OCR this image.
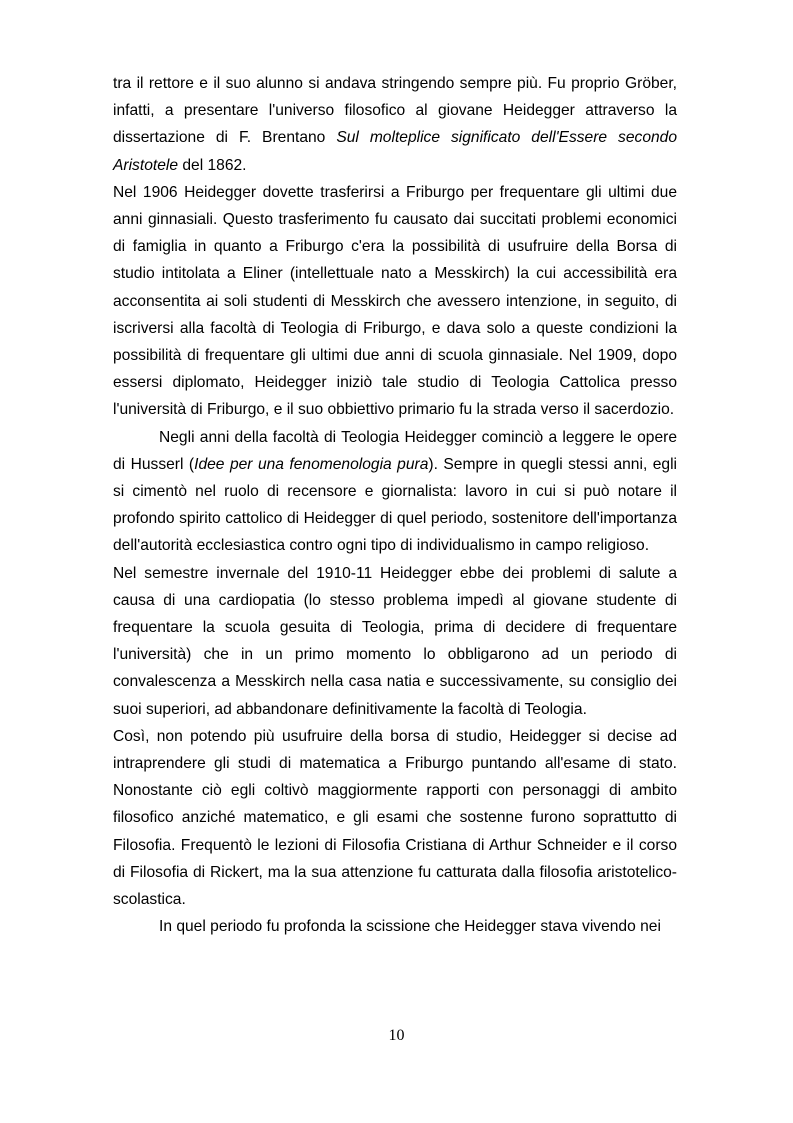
tra il rettore e il suo alunno si andava stringendo sempre più. Fu proprio Gröber, infatti, a presentare l'universo filosofico al giovane Heidegger attraverso la dissertazione di F. Brentano Sul molteplice significato dell'Essere secondo Aristotele del 1862.

Nel 1906 Heidegger dovette trasferirsi a Friburgo per frequentare gli ultimi due anni ginnasiali. Questo trasferimento fu causato dai succitati problemi economici di famiglia in quanto a Friburgo c'era la possibilità di usufruire della Borsa di studio intitolata a Eliner (intellettuale nato a Messkirch) la cui accessibilità era acconsentita ai soli studenti di Messkirch che avessero intenzione, in seguito, di iscriversi alla facoltà di Teologia di Friburgo, e dava solo a queste condizioni la possibilità di frequentare gli ultimi due anni di scuola ginnasiale. Nel 1909, dopo essersi diplomato, Heidegger iniziò tale studio di Teologia Cattolica presso l'università di Friburgo, e il suo obbiettivo primario fu la strada verso il sacerdozio.

Negli anni della facoltà di Teologia Heidegger cominciò a leggere le opere di Husserl (Idee per una fenomenologia pura). Sempre in quegli stessi anni, egli si cimentò nel ruolo di recensore e giornalista: lavoro in cui si può notare il profondo spirito cattolico di Heidegger di quel periodo, sostenitore dell'importanza dell'autorità ecclesiastica contro ogni tipo di individualismo in campo religioso.

Nel semestre invernale del 1910-11 Heidegger ebbe dei problemi di salute a causa di una cardiopatia (lo stesso problema impedì al giovane studente di frequentare la scuola gesuita di Teologia, prima di decidere di frequentare l'università) che in un primo momento lo obbligarono ad un periodo di convalescenza a Messkirch nella casa natia e successivamente, su consiglio dei suoi superiori, ad abbandonare definitivamente la facoltà di Teologia.

Così, non potendo più usufruire della borsa di studio, Heidegger si decise ad intraprendere gli studi di matematica a Friburgo puntando all'esame di stato. Nonostante ciò egli coltivò maggiormente rapporti con personaggi di ambito filosofico anziché matematico, e gli esami che sostenne furono soprattutto di Filosofia. Frequentò le lezioni di Filosofia Cristiana di Arthur Schneider e il corso di Filosofia di Rickert, ma la sua attenzione fu catturata dalla filosofia aristotelico-scolastica.

In quel periodo fu profonda la scissione che Heidegger stava vivendo nei

10
